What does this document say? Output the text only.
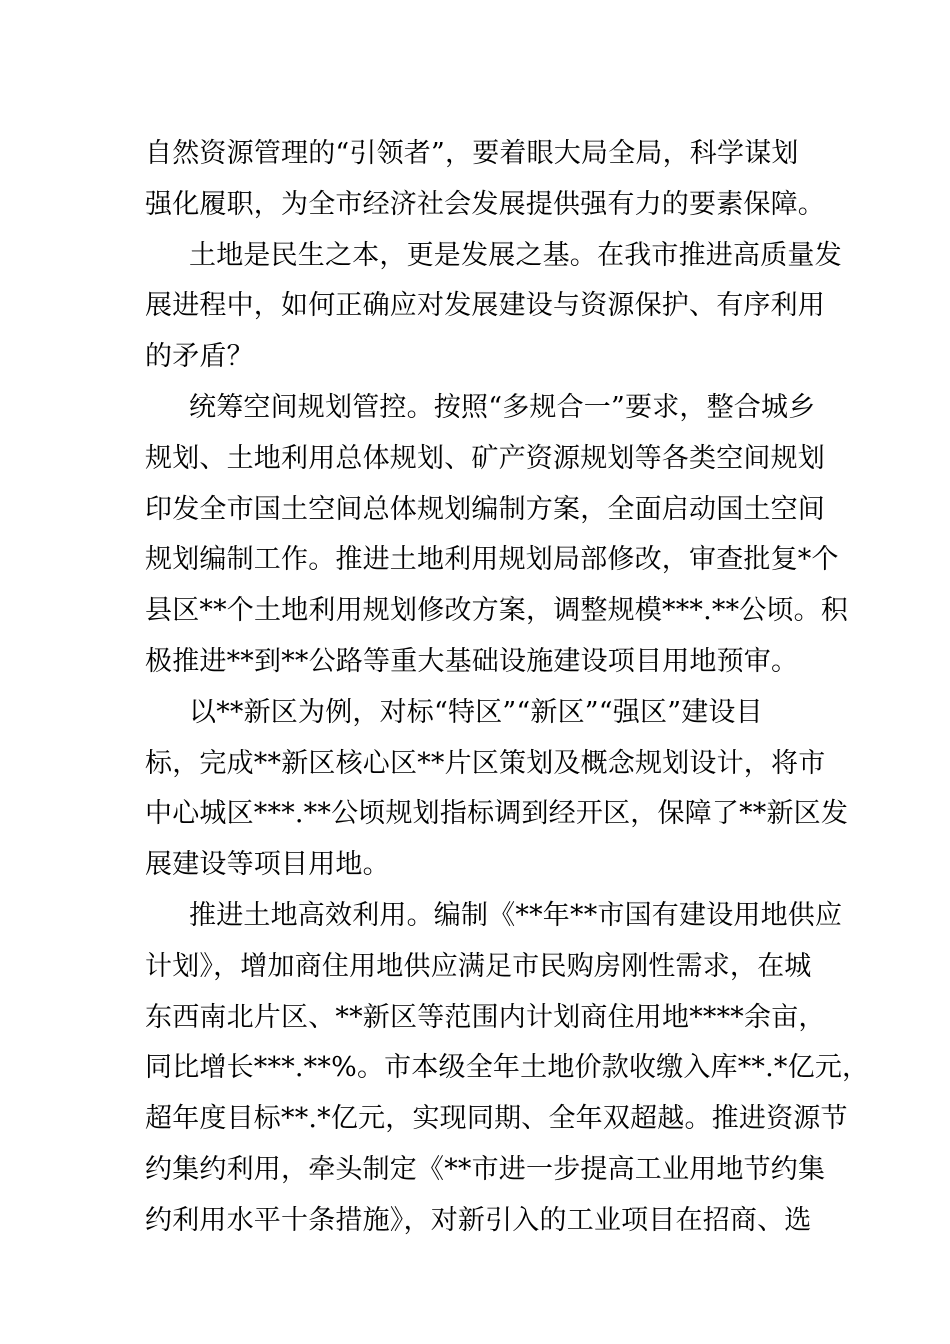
自然资源管理的“引领者”，要着眼大局全局，科学谋划
强化履职，为全市经济社会发展提供强有力的要素保障。
土地是民生之本，更是发展之基。在我市推进高质量发
展进程中，如何正确应对发展建设与资源保护、有序利用
的矛盾？
统筹空间规划管控。按照“多规合一”要求，整合城乡
规划、土地利用总体规划、矿产资源规划等各类空间规划
印发全市国土空间总体规划编制方案，全面启动国土空间
规划编制工作。推进土地利用规划局部修改，审查批复*个
县区**个土地利用规划修改方案，调整规模***.**公顷。积
极推进**到**公路等重大基础设施建设项目用地预审。
以**新区为例，对标“特区”“新区”“强区”建设目
标，完成**新区核心区**片区策划及概念规划设计，将市
中心城区***.**公顷规划指标调到经开区，保障了**新区发
展建设等项目用地。
推进土地高效利用。编制《**年**市国有建设用地供应
计划》，增加商住用地供应满足市民购房刚性需求，在城
东西南北片区、**新区等范围内计划商住用地****余亩，
同比增长***.**%。市本级全年土地价款收缴入库**.*亿元，
超年度目标**.*亿元，实现同期、全年双超越。推进资源节
约集约利用，牵头制定《**市进一步提高工业用地节约集
约利用水平十条措施》，对新引入的工业项目在招商、选
